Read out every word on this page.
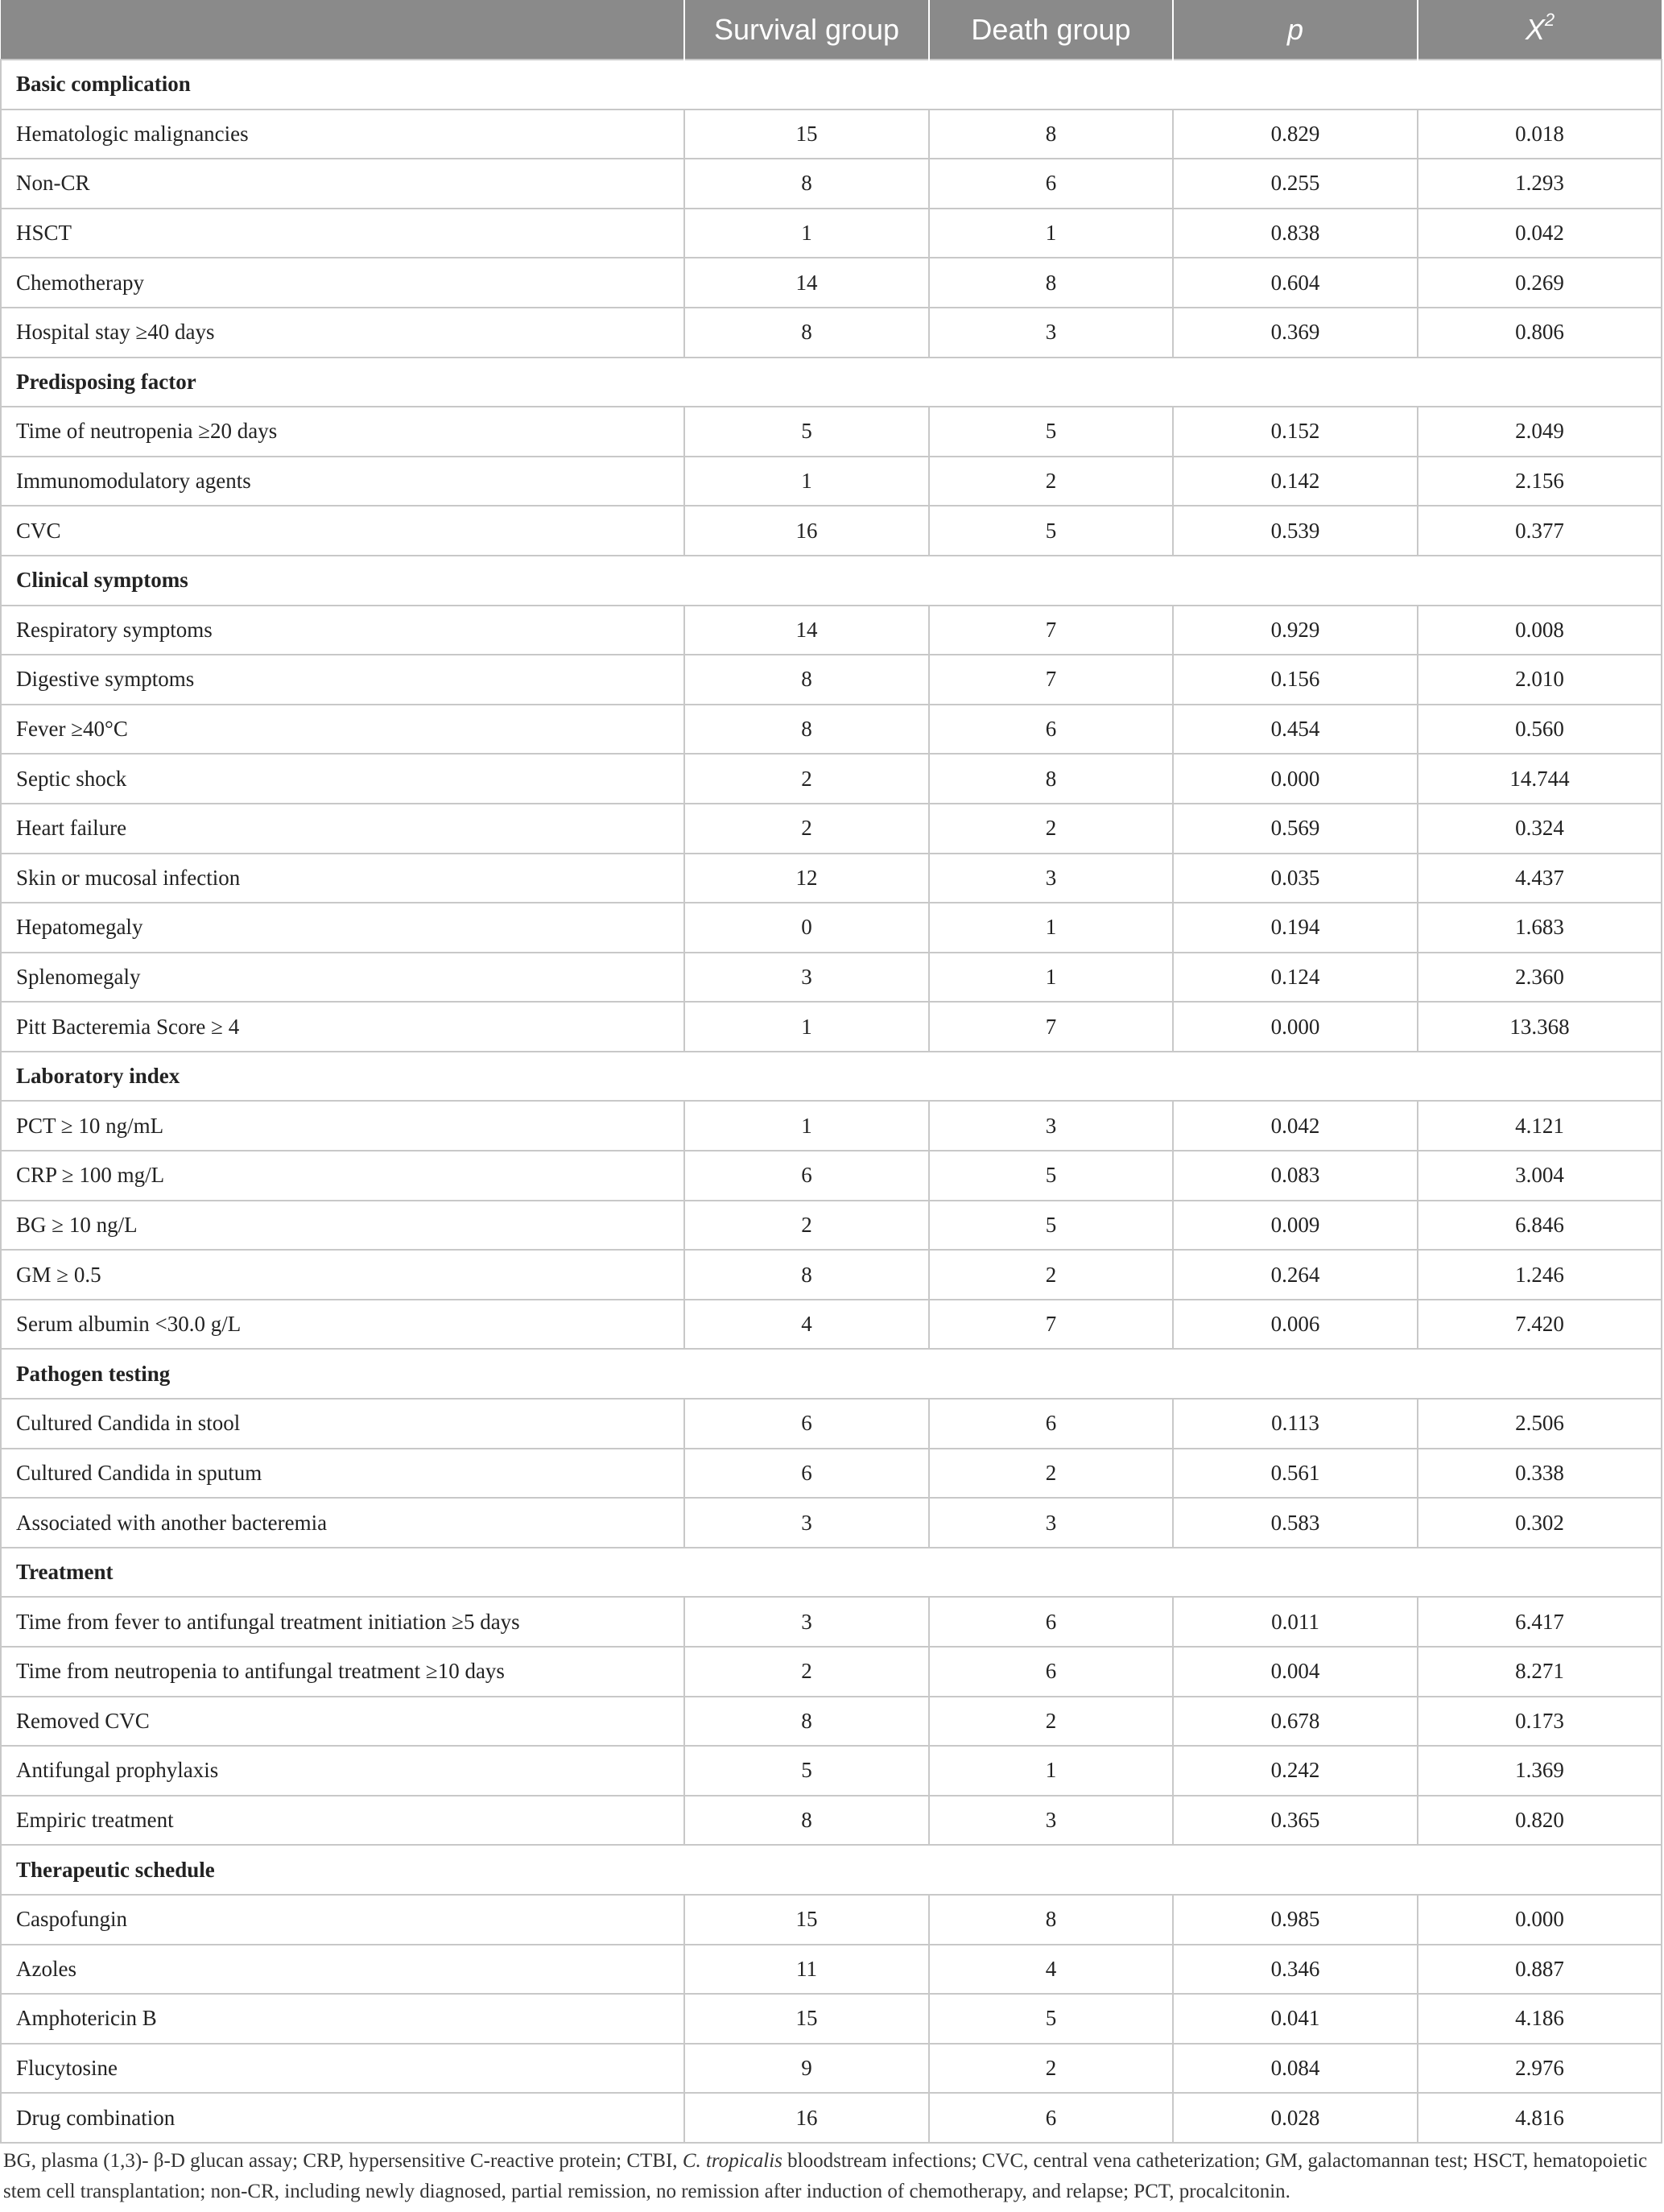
	Survival group	Death group	p	$X^2$
Basic complication				
Hematologic malignancies	15	8	0.829	0.018
Non-CR	8	6	0.255	1.293
HSCT	1	1	0.838	0.042
Chemotherapy	14	8	0.604	0.269
Hospital stay ≥40 days	8	3	0.369	0.806
Predisposing factor				
Time of neutropenia ≥20 days	5	5	0.152	2.049
Immunomodulatory agents	1	2	0.142	2.156
CVC	16	5	0.539	0.377
Clinical symptoms				
Respiratory symptoms	14	7	0.929	0.008
Digestive symptoms	8	7	0.156	2.010
Fever ≥40°C	8	6	0.454	0.560
Septic shock	2	8	0.000	14.744
Heart failure	2	2	0.569	0.324
Skin or mucosal infection	12	3	0.035	4.437
Hepatomegaly	0	1	0.194	1.683
Splenomegaly	3	1	0.124	2.360
Pitt Bacteremia Score ≥ 4	1	7	0.000	13.368
Laboratory index				
PCT ≥ 10 ng/mL	1	3	0.042	4.121
CRP ≥ 100 mg/L	6	5	0.083	3.004
BG ≥ 10 ng/L	2	5	0.009	6.846
GM ≥ 0.5	8	2	0.264	1.246
Serum albumin <30.0 g/L	4	7	0.006	7.420
Pathogen testing				
Cultured Candida in stool	6	6	0.113	2.506
Cultured Candida in sputum	6	2	0.561	0.338
Associated with another bacteremia	3	3	0.583	0.302
Treatment				
Time from fever to antifungal treatment initiation ≥5 days	3	6	0.011	6.417
Time from neutropenia to antifungal treatment ≥10 days	2	6	0.004	8.271
Removed CVC	8	2	0.678	0.173
Antifungal prophylaxis	5	1	0.242	1.369
Empiric treatment	8	3	0.365	0.820
Therapeutic schedule				
Caspofungin	15	8	0.985	0.000
Azoles	11	4	0.346	0.887
Amphotericin B	15	5	0.041	4.186
Flucytosine	9	2	0.084	2.976
Drug combination	16	6	0.028	4.816
BG, plasma (1,3)- β-D glucan assay; CRP, hypersensitive C-reactive protein; CTBI, C. tropicalis bloodstream infections; CVC, central vena catheterization; GM, galactomannan test; HSCT, hematopoietic stem cell transplantation; non-CR, including newly diagnosed, partial remission, no remission after induction of chemotherapy, and relapse; PCT, procalcitonin.
